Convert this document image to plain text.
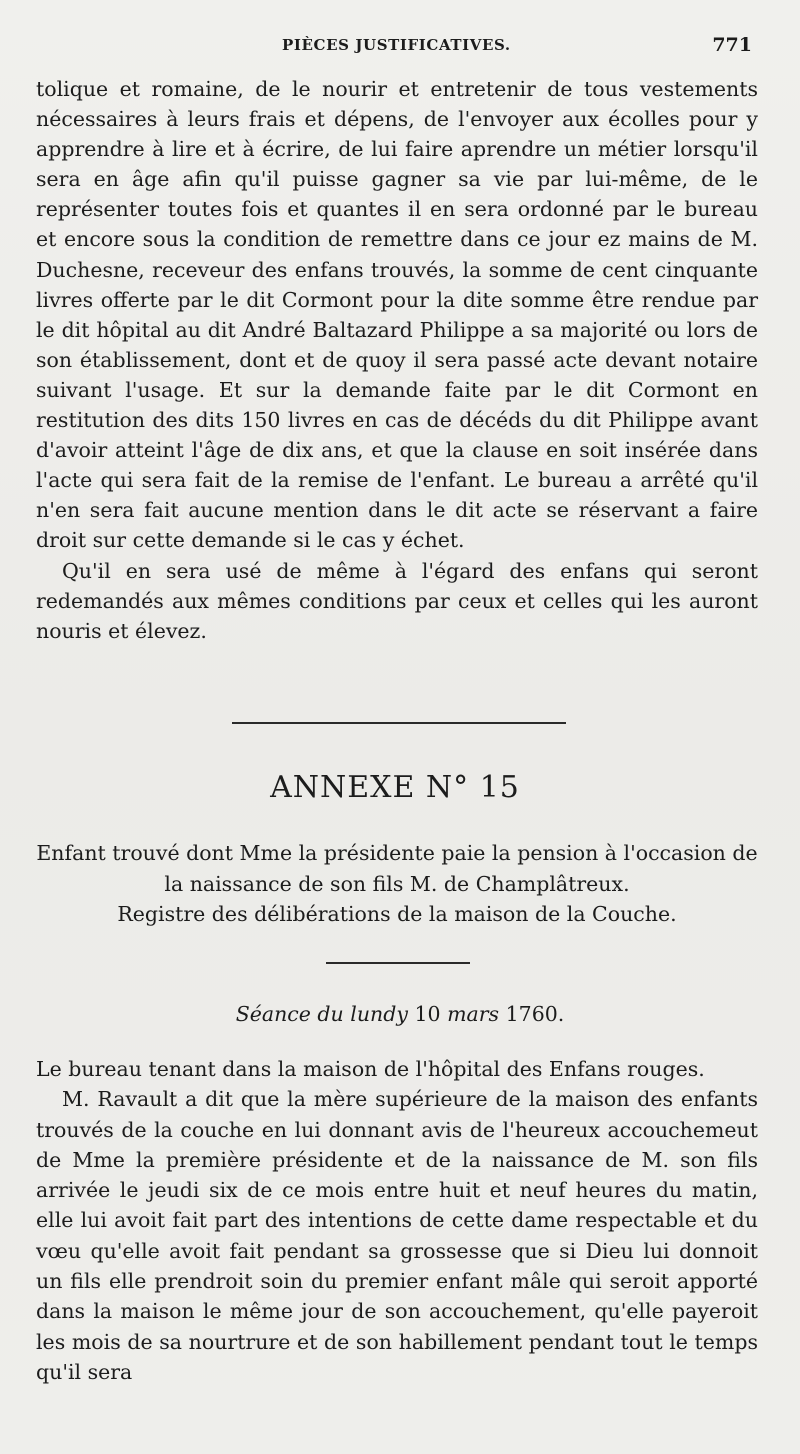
PIÈCES JUSTIFICATIVES.	771

tolique et romaine, de le nourir et entretenir de tous vestements nécessaires à leurs frais et dépens, de l'envoyer aux écolles pour y apprendre à lire et à écrire, de lui faire aprendre un métier lorsqu'il sera en âge afin qu'il puisse gagner sa vie par lui-même, de le représenter toutes fois et quantes il en sera ordonné par le bureau et encore sous la condition de remettre dans ce jour ez mains de M. Duchesne, receveur des enfans trouvés, la somme de cent cinquante livres offerte par le dit Cormont pour la dite somme être rendue par le dit hôpital au dit André Baltazard Philippe a sa majorité ou lors de son établissement, dont et de quoy il sera passé acte devant notaire suivant l'usage. Et sur la demande faite par le dit Cormont en restitution des dits 150 livres en cas de décéds du dit Philippe avant d'avoir atteint l'âge de dix ans, et que la clause en soit insérée dans l'acte qui sera fait de la remise de l'enfant. Le bureau a arrêté qu'il n'en sera fait aucune mention dans le dit acte se réservant a faire droit sur cette demande si le cas y échet.

Qu'il en sera usé de même à l'égard des enfans qui seront redemandés aux mêmes conditions par ceux et celles qui les auront nouris et élevez.

ANNEXE N° 15
Enfant trouvé dont Mme la présidente paie la pension à l'occasion de la naissance de son fils M. de Champlâtreux.
Registre des délibérations de la maison de la Couche.
Séance du lundy 10 mars 1760.

Le bureau tenant dans la maison de l'hôpital des Enfans rouges.

M. Ravault a dit que la mère supérieure de la maison des enfants trouvés de la couche en lui donnant avis de l'heureux accouchemeut de Mme la première présidente et de la naissance de M. son fils arrivée le jeudi six de ce mois entre huit et neuf heures du matin, elle lui avoit fait part des intentions de cette dame respectable et du vœu qu'elle avoit fait pendant sa grossesse que si Dieu lui donnoit un fils elle prendroit soin du premier enfant mâle qui seroit apporté dans la maison le même jour de son accouchement, qu'elle payeroit les mois de sa nourtrure et de son habillement pendant tout le temps qu'il sera
